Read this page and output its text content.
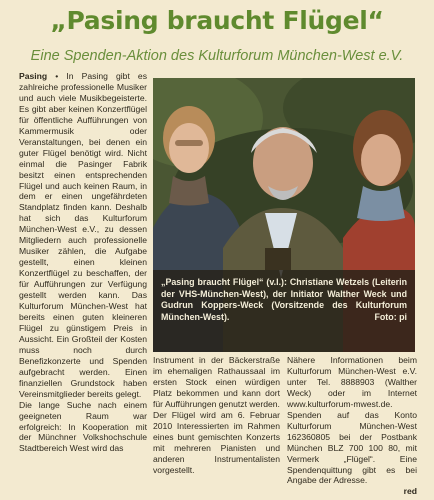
„Pasing braucht Flügel“
Eine Spenden-Aktion des Kulturforum München-West e.V.

Pasing • In Pasing gibt es zahlreiche professionelle Musiker und auch viele Musikbegeisterte. Es gibt aber keinen Konzertflügel für öffentliche Aufführungen von Kammermusik oder Veranstaltungen, bei denen ein guter Flügel benötigt wird. Nicht einmal die Pasinger Fabrik besitzt einen entsprechenden Flügel und auch keinen Raum, in dem er einen ungefährdeten Standplatz finden kann. Deshalb hat sich das Kulturforum München-West e.V., zu dessen Mitgliedern auch professionelle Musiker zählen, die Aufgabe gestellt, einen kleinen Konzertflügel zu beschaffen, der für Aufführungen zur Verfügung gestellt werden kann. Das Kulturforum München-West hat bereits einen guten kleineren Flügel zu günstigem Preis in Aussicht. Ein Großteil der Kosten muss noch durch Benefizkonzerte und Spenden aufgebracht werden. Einen finanziellen Grundstock haben Vereinsmitglieder bereits gelegt.

Die lange Suche nach einem geeigneten Raum war erfolgreich: In Kooperation mit der Münchner Volkshochschule Stadtbereich West wird das

„Pasing braucht Flügel“ (v.l.): Christiane Wetzels (Leiterin der VHS-München-West), der Initiator Walther Weck und Gudrun Koppers-Weck (Vorsitzende des Kulturforum München-West).	Foto: pi

Instrument in der Bäckerstraße im ehemaligen Rathaussaal im ersten Stock einen würdigen Platz bekommen und kann dort für Aufführungen genutzt werden.

Der Flügel wird am 6. Februar 2010 Interessierten im Rahmen eines bunt gemischten Konzerts mit mehreren Pianisten und anderen Instrumentalisten vorgestellt.

Nähere Informationen beim Kulturforum München-West e.V. unter Tel. 8888903 (Walther Weck) oder im Internet www.kulturforum-mwest.de. Spenden auf das Konto Kulturforum München-West 162360805 bei der Postbank München BLZ 700 100 80, mit Vermerk „Flügel“. Eine Spendenquittung gibt es bei Angabe der Adresse.

red
